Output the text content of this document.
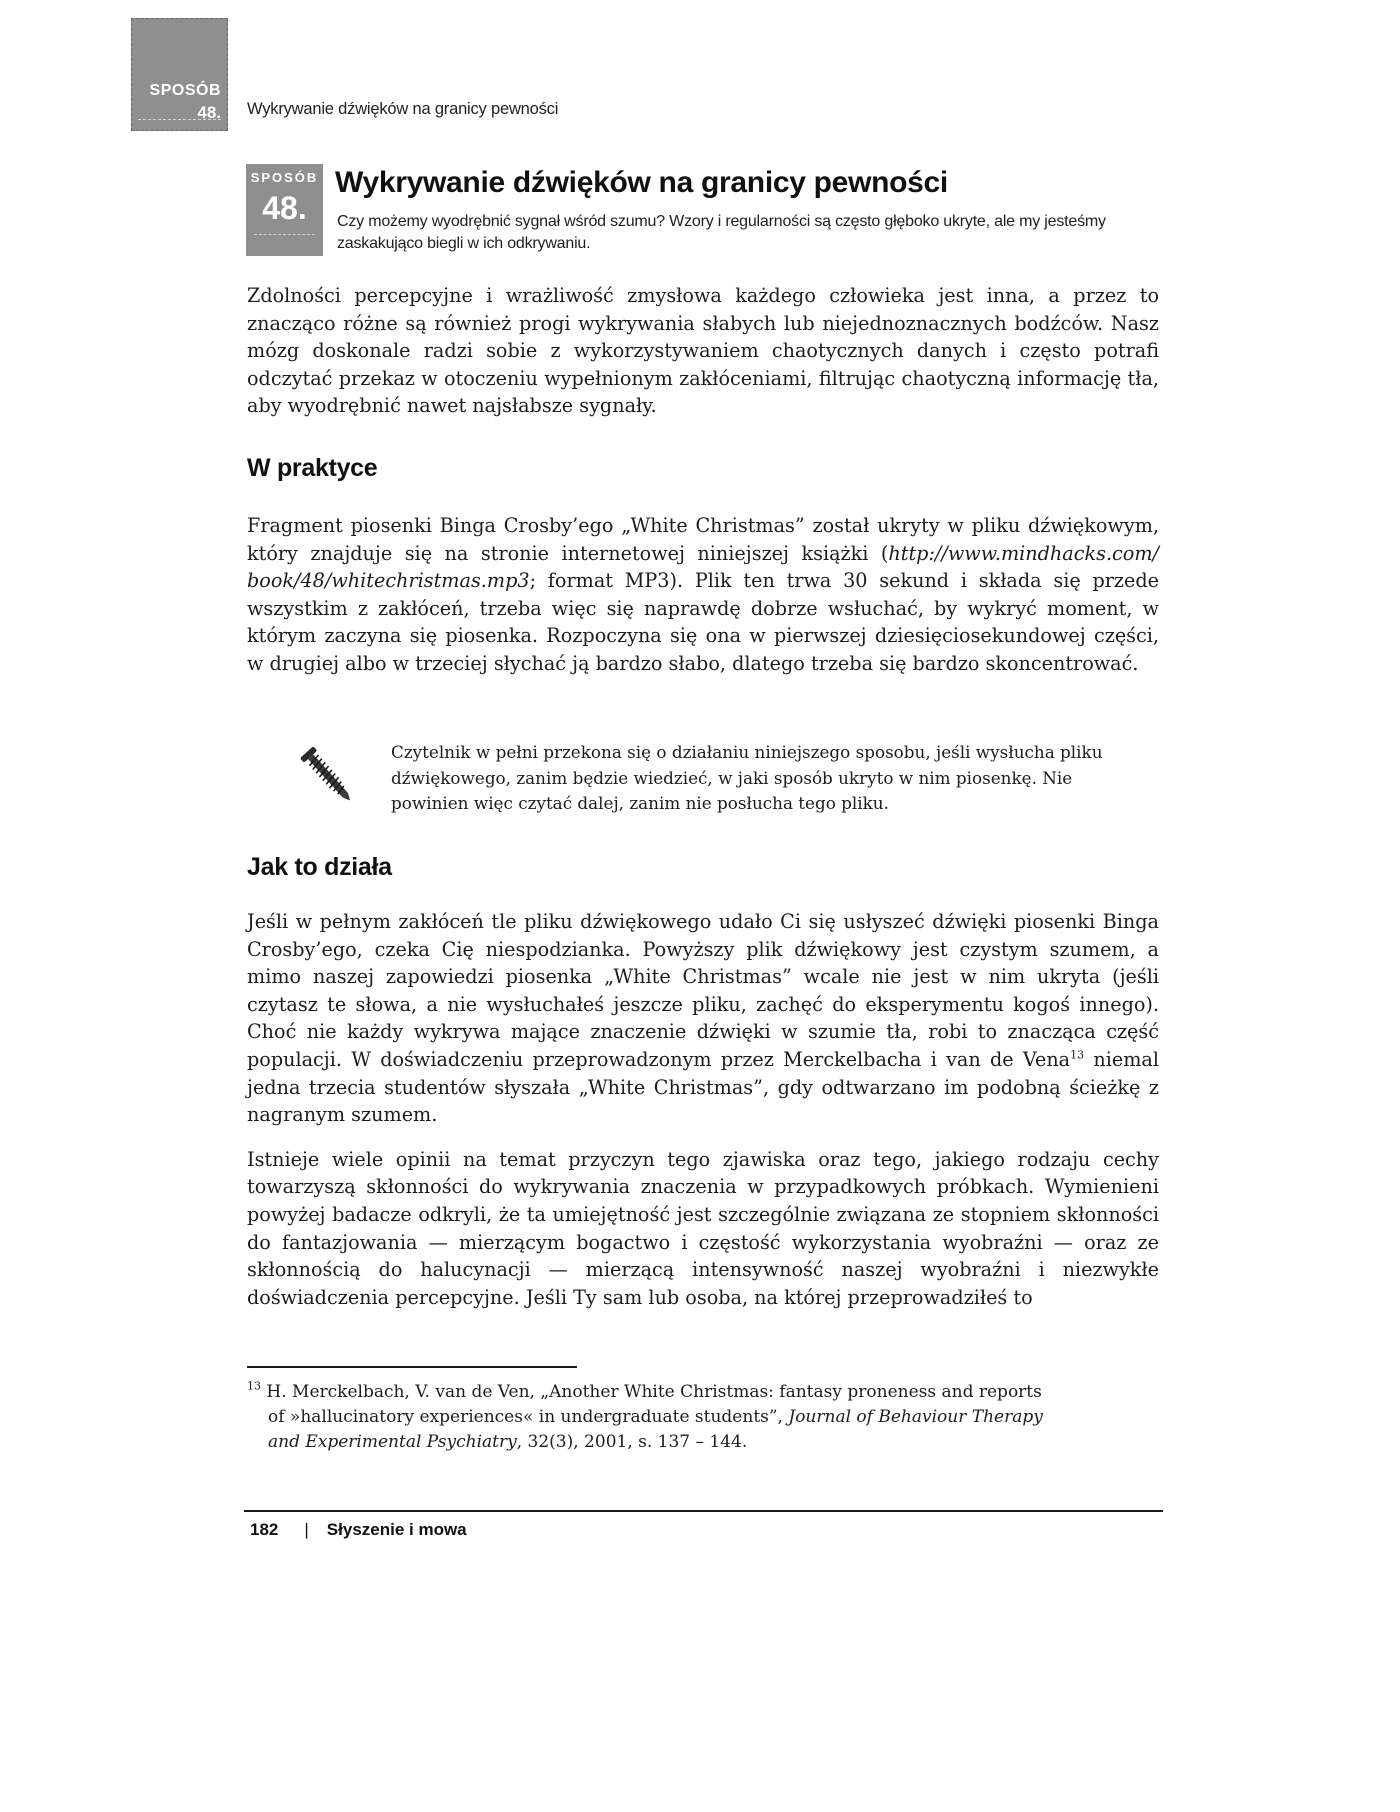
SPOSÓB
48. Wykrywanie dźwięków na granicy pewności
SPOSÓB
48.
Wykrywanie dźwięków na granicy pewności
Czy możemy wyodrębnić sygnał wśród szumu? Wzory i regularności są często głęboko ukryte, ale my jesteśmy zaskakująco biegli w ich odkrywaniu.

Zdolności percepcyjne i wrażliwość zmysłowa każdego człowieka jest inna, a przez to znacząco różne są również progi wykrywania słabych lub niejednoznacznych bodźców. Nasz mózg doskonale radzi sobie z wykorzystywaniem chaotycznych danych i często potrafi odczytać przekaz w otoczeniu wypełnionym zakłóceniami, filtrując chaotyczną informację tła, aby wyodrębnić nawet najsłabsze sygnały.

W praktyce

Fragment piosenki Binga Crosby’ego „White Christmas” został ukryty w pliku dźwiękowym, który znajduje się na stronie internetowej niniejszej książki (http://www.mindhacks.com/ book/48/whitechristmas.mp3; format MP3). Plik ten trwa 30 sekund i składa się przede wszystkim z zakłóceń, trzeba więc się naprawdę dobrze wsłuchać, by wykryć moment, w którym zaczyna się piosenka. Rozpoczyna się ona w pierwszej dziesięciosekundowej części, w drugiej albo w trzeciej słychać ją bardzo słabo, dlatego trzeba się bardzo skoncentrować.

Czytelnik w pełni przekona się o działaniu niniejszego sposobu, jeśli wysłucha pliku dźwiękowego, zanim będzie wiedzieć, w jaki sposób ukryto w nim piosenkę. Nie powinien więc czytać dalej, zanim nie posłucha tego pliku.
Jak to działa

Jeśli w pełnym zakłóceń tle pliku dźwiękowego udało Ci się usłyszeć dźwięki piosenki Binga Crosby’ego, czeka Cię niespodzianka. Powyższy plik dźwiękowy jest czystym szumem, a mimo naszej zapowiedzi piosenka „White Christmas” wcale nie jest w nim ukryta (jeśli czytasz te słowa, a nie wysłuchałeś jeszcze pliku, zachęć do eksperymentu kogoś innego). Choć nie każdy wykrywa mające znaczenie dźwięki w szumie tła, robi to znacząca część populacji. W doświadczeniu przeprowadzonym przez Merckelbacha i van de Vena$^{13}$ niemal jedna trzecia studentów słyszała „White Christmas”, gdy odtwarzano im podobną ścieżkę z nagranym szumem.

Istnieje wiele opinii na temat przyczyn tego zjawiska oraz tego, jakiego rodzaju cechy towarzyszą skłonności do wykrywania znaczenia w przypadkowych próbkach. Wymienieni powyżej badacze odkryli, że ta umiejętność jest szczególnie związana ze stopniem skłonności do fantazjowania — mierzącym bogactwo i częstość wykorzystania wyobraźni — oraz ze skłonnością do halucynacji — mierzącą intensywność naszej wyobraźni i niezwykłe doświadczenia percepcyjne. Jeśli Ty sam lub osoba, na której przeprowadziłeś to

$^{13}$ H. Merckelbach, V. van de Ven, „Another White Christmas: fantasy proneness and reports
of »hallucinatory experiences« in undergraduate students”, Journal of Behaviour Therapy
and Experimental Psychiatry, 32(3), 2001, s. 137 – 144.
182 | Słyszenie i mowa
